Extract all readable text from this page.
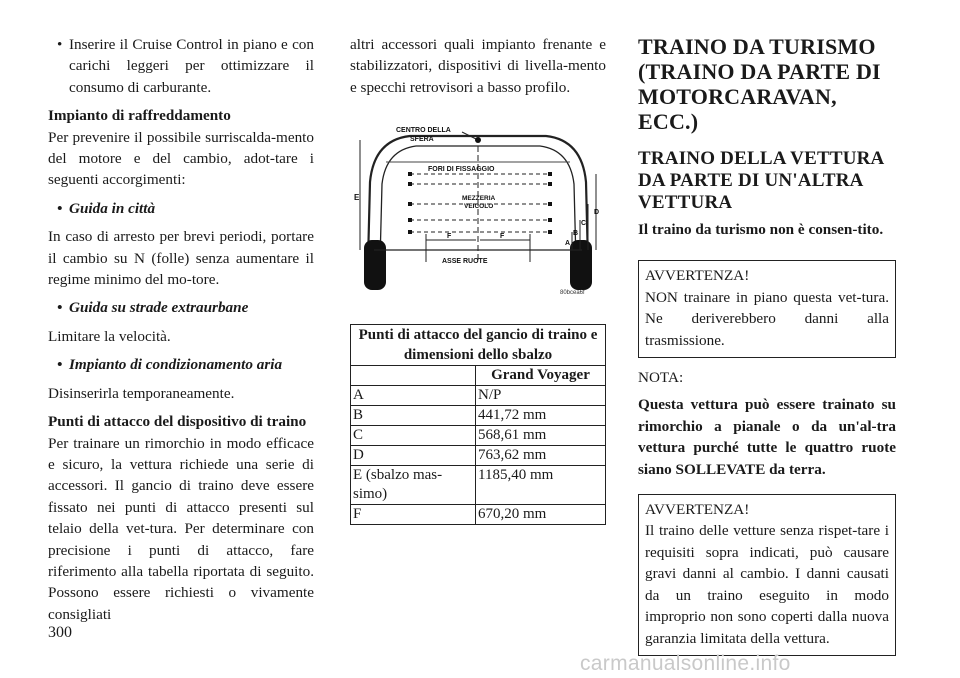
• Inserire il Cruise Control in piano e con carichi leggeri per ottimizzare il consumo di carburante.

Impianto di raffreddamento

Per prevenire il possibile surriscalda-mento del motore e del cambio, adot-tare i seguenti accorgimenti:

• Guida in città

In caso di arresto per brevi periodi, portare il cambio su N (folle) senza aumentare il regime minimo del mo-tore.

• Guida su strade extraurbane

Limitare la velocità.

• Impianto di condizionamento aria

Disinserirla temporaneamente.

Punti di attacco del dispositivo di traino

Per trainare un rimorchio in modo efficace e sicuro, la vettura richiede una serie di accessori. Il gancio di traino deve essere fissato nei punti di attacco presenti sul telaio della vet-tura. Per determinare con precisione i punti di attacco, fare riferimento alla tabella riportata di seguito. Possono essere richiesti o vivamente consigliati

altri accessori quali impianto frenante e stabilizzatori, dispositivi di livella-mento e specchi retrovisori a basso profilo.

CENTRO DELLA
SFERA
FORI DI FISSAGGIO
MEZZERIA
VEICOLO
ASSE RUOTE
E
F	F
A
B
C
D
80bcea6f
Punti di attacco del gancio di traino e dimensioni dello sbalzo	
	Grand Voyager
A	N/P
B	441,72 mm
C	568,61 mm
D	763,62 mm
E (sbalzo mas-simo)	1185,40 mm
F	670,20 mm
TRAINO DA TURISMO (TRAINO DA PARTE DI MOTORCARAVAN, ECC.)
TRAINO DELLA VETTURA DA PARTE DI UN'ALTRA VETTURA

Il traino da turismo non è consen-tito.

AVVERTENZA!

NON trainare in piano questa vet-tura. Ne deriverebbero danni alla trasmissione.

NOTA:

Questa vettura può essere trainato su rimorchio a pianale o da un'al-tra vettura purché tutte le quattro ruote siano SOLLEVATE da terra.

AVVERTENZA!

Il traino delle vetture senza rispet-tare i requisiti sopra indicati, può causare gravi danni al cambio. I danni causati da un traino eseguito in modo improprio non sono coperti dalla nuova garanzia limitata della vettura.

300
carmanualsonline.info
